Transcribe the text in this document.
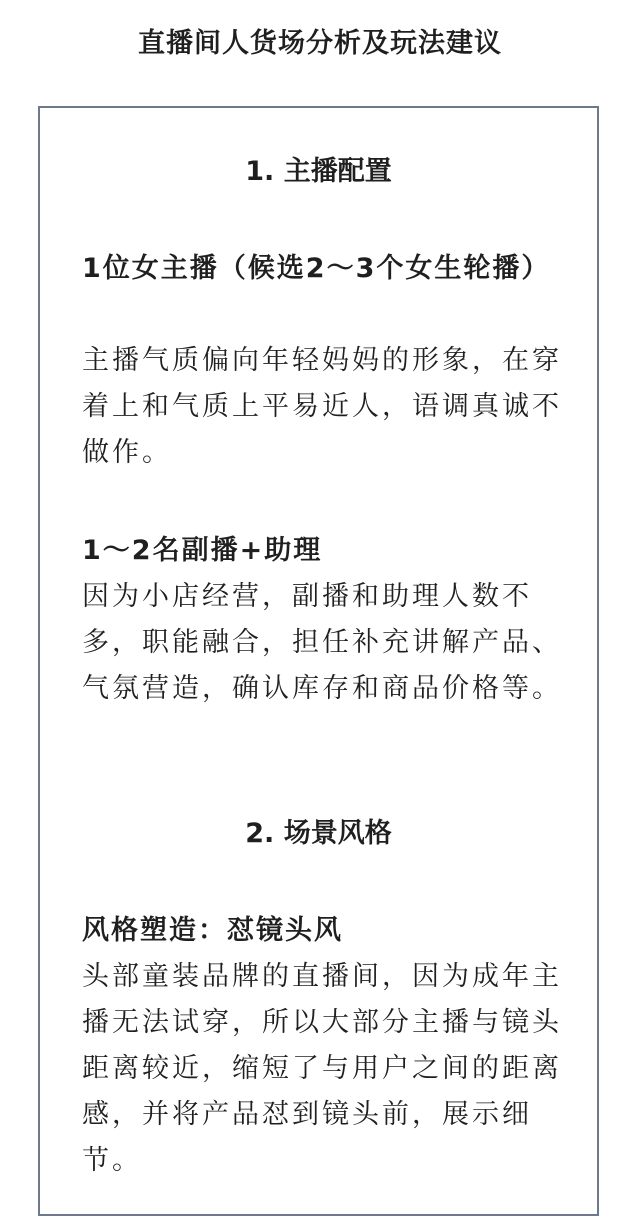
直播间人货场分析及玩法建议
1. 主播配置
1位女主播（候选2～3个女生轮播）
主播气质偏向年轻妈妈的形象，在穿着上和气质上平易近人，语调真诚不做作。
1～2名副播+助理
因为小店经营，副播和助理人数不多，职能融合，担任补充讲解产品、气氛营造，确认库存和商品价格等。
2. 场景风格
风格塑造：怼镜头风
头部童装品牌的直播间，因为成年主播无法试穿，所以大部分主播与镜头距离较近，缩短了与用户之间的距离感，并将产品怼到镜头前，展示细节。
